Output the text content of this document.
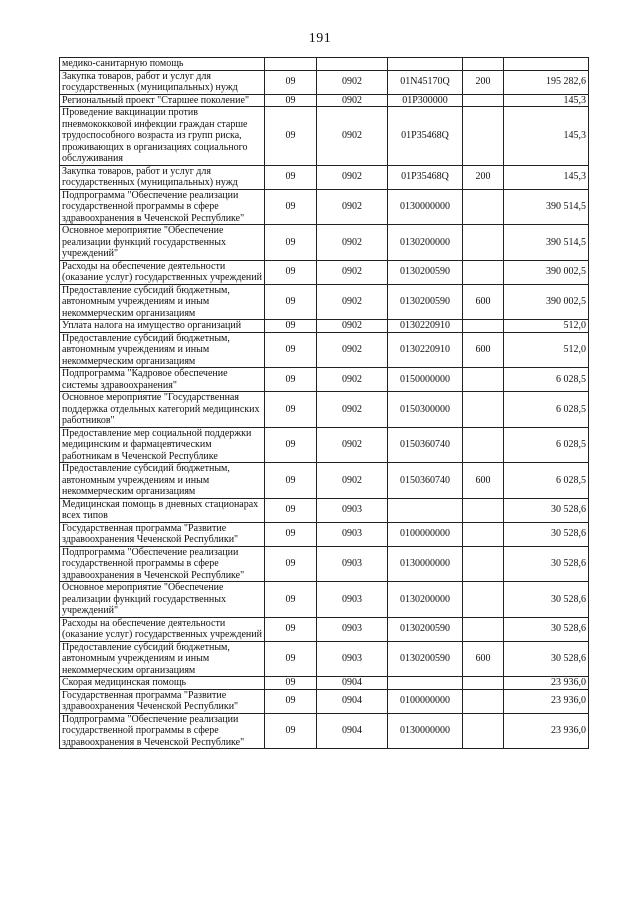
191
медико-санитарную помощь					
Закупка товаров, работ и услуг для государственных (муниципальных) нужд	09	0902	01N45170Q	200	195 282,6
Региональный проект "Старшее поколение"	09	0902	01P300000		145,3
Проведение вакцинации против пневмококковой инфекции граждан старше трудоспособного возраста из групп риска, проживающих в организациях социального обслуживания	09	0902	01P35468Q		145,3
Закупка товаров, работ и услуг для государственных (муниципальных) нужд	09	0902	01P35468Q	200	145,3
Подпрограмма "Обеспечение реализации государственной программы в сфере здравоохранения в Чеченской Республике"	09	0902	0130000000		390 514,5
Основное мероприятие "Обеспечение реализации функций государственных учреждений"	09	0902	0130200000		390 514,5
Расходы на обеспечение деятельности (оказание услуг) государственных учреждений	09	0902	0130200590		390 002,5
Предоставление субсидий бюджетным, автономным учреждениям и иным некоммерческим организациям	09	0902	0130200590	600	390 002,5
Уплата налога на имущество организаций	09	0902	0130220910		512,0
Предоставление субсидий бюджетным, автономным учреждениям и иным некоммерческим организациям	09	0902	0130220910	600	512,0
Подпрограмма "Кадровое обеспечение системы здравоохранения"	09	0902	0150000000		6 028,5
Основное мероприятие "Государственная поддержка отдельных категорий медицинских работников"	09	0902	0150300000		6 028,5
Предоставление мер социальной поддержки медицинским и фармацевтическим работникам в Чеченской Республике	09	0902	0150360740		6 028,5
Предоставление субсидий бюджетным, автономным учреждениям и иным некоммерческим организациям	09	0902	0150360740	600	6 028,5
Медицинская помощь в дневных стационарах всех типов	09	0903			30 528,6
Государственная программа "Развитие здравоохранения Чеченской Республики"	09	0903	0100000000		30 528,6
Подпрограмма "Обеспечение реализации государственной программы в сфере здравоохранения в Чеченской Республике"	09	0903	0130000000		30 528,6
Основное мероприятие "Обеспечение реализации функций государственных учреждений"	09	0903	0130200000		30 528,6
Расходы на обеспечение деятельности (оказание услуг) государственных учреждений	09	0903	0130200590		30 528,6
Предоставление субсидий бюджетным, автономным учреждениям и иным некоммерческим организациям	09	0903	0130200590	600	30 528,6
Скорая медицинская помощь	09	0904			23 936,0
Государственная программа "Развитие здравоохранения Чеченской Республики"	09	0904	0100000000		23 936,0
Подпрограмма "Обеспечение реализации государственной программы в сфере здравоохранения в Чеченской Республике"	09	0904	0130000000		23 936,0
